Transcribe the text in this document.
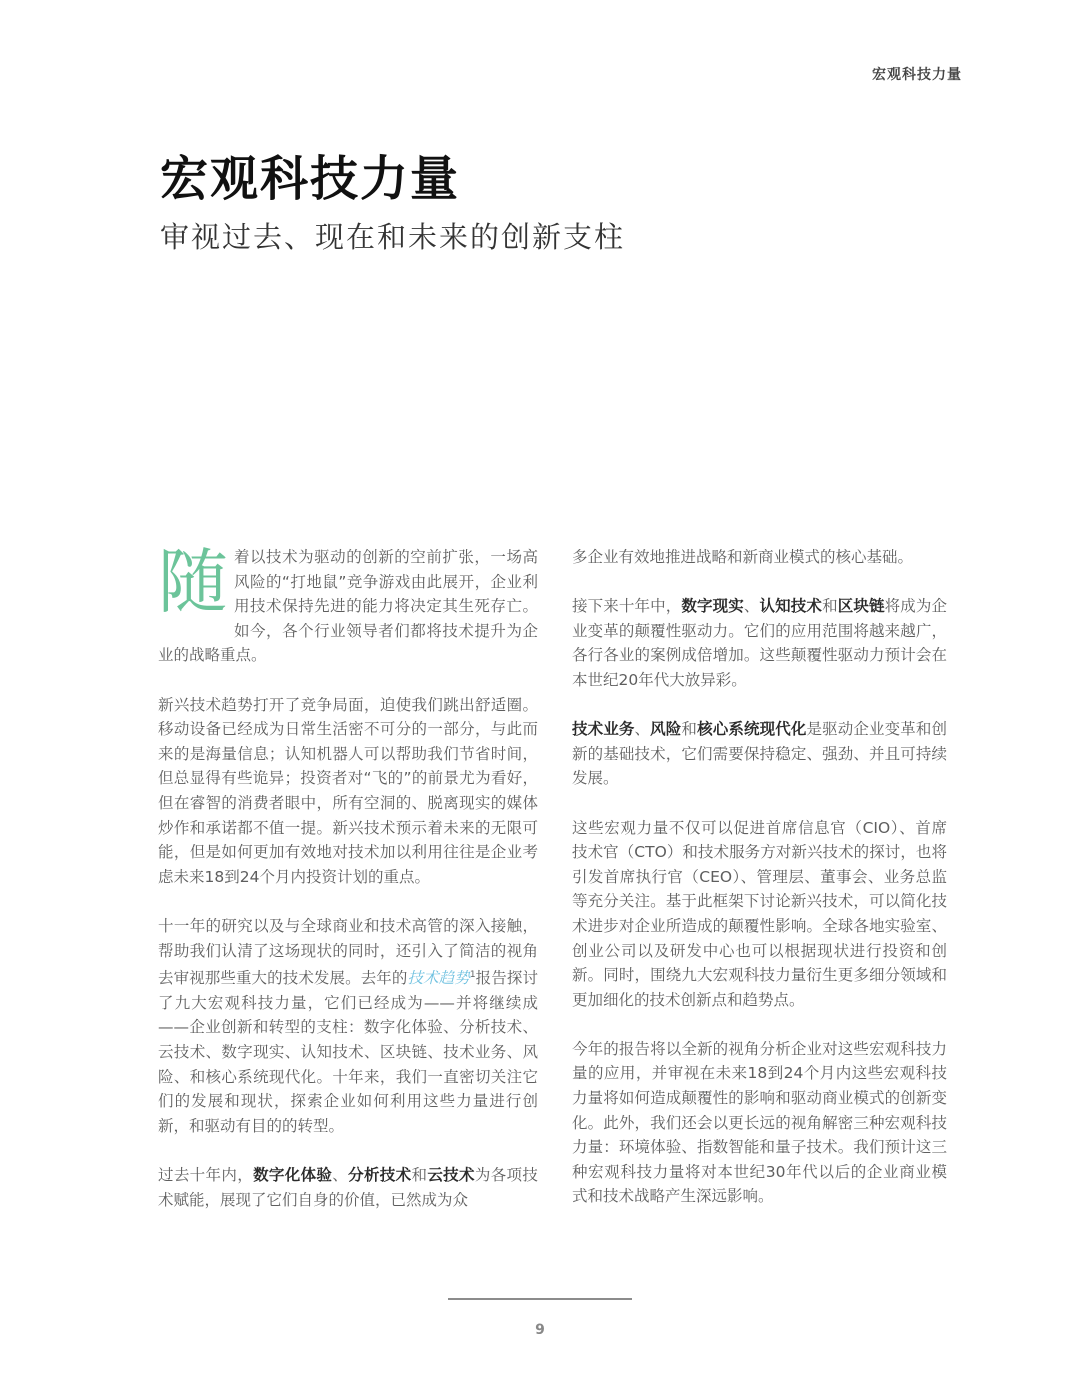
宏观科技力量
宏观科技力量
审视过去、现在和未来的创新支柱

随着以技术为驱动的创新的空前扩张，一场高风险的“打地鼠”竞争游戏由此展开，企业利用技术保持先进的能力将决定其生死存亡。如今，各个行业领导者们都将技术提升为企业的战略重点。

新兴技术趋势打开了竞争局面，迫使我们跳出舒适圈。移动设备已经成为日常生活密不可分的一部分，与此而来的是海量信息；认知机器人可以帮助我们节省时间，但总显得有些诡异；投资者对“飞的”的前景尤为看好，但在睿智的消费者眼中，所有空洞的、脱离现实的媒体炒作和承诺都不值一提。新兴技术预示着未来的无限可能，但是如何更加有效地对技术加以利用往往是企业考虑未来18到24个月内投资计划的重点。

十一年的研究以及与全球商业和技术高管的深入接触，帮助我们认清了这场现状的同时，还引入了简洁的视角去审视那些重大的技术发展。去年的技术趋势$^1$报告探讨了九大宏观科技力量，它们已经成为——并将继续成——企业创新和转型的支柱：数字化体验、分析技术、云技术、数字现实、认知技术、区块链、技术业务、风险、和核心系统现代化。十年来，我们一直密切关注它们的发展和现状，探索企业如何利用这些力量进行创新，和驱动有目的的转型。

过去十年内，数字化体验、分析技术和云技术为各项技术赋能，展现了它们自身的价值，已然成为众

多企业有效地推进战略和新商业模式的核心基础。

接下来十年中，数字现实、认知技术和区块链将成为企业变革的颠覆性驱动力。它们的应用范围将越来越广，各行各业的案例成倍增加。这些颠覆性驱动力预计会在本世纪20年代大放异彩。

技术业务、风险和核心系统现代化是驱动企业变革和创新的基础技术，它们需要保持稳定、强劲、并且可持续发展。

这些宏观力量不仅可以促进首席信息官（CIO）、首席技术官（CTO）和技术服务方对新兴技术的探讨，也将引发首席执行官（CEO）、管理层、董事会、业务总监等充分关注。基于此框架下讨论新兴技术，可以简化技术进步对企业所造成的颠覆性影响。全球各地实验室、创业公司以及研发中心也可以根据现状进行投资和创新。同时，围绕九大宏观科技力量衍生更多细分领域和更加细化的技术创新点和趋势点。

今年的报告将以全新的视角分析企业对这些宏观科技力量的应用，并审视在未来18到24个月内这些宏观科技力量将如何造成颠覆性的影响和驱动商业模式的创新变化。此外，我们还会以更长远的视角解密三种宏观科技力量：环境体验、指数智能和量子技术。我们预计这三种宏观科技力量将对本世纪30年代以后的企业商业模式和技术战略产生深远影响。

9
